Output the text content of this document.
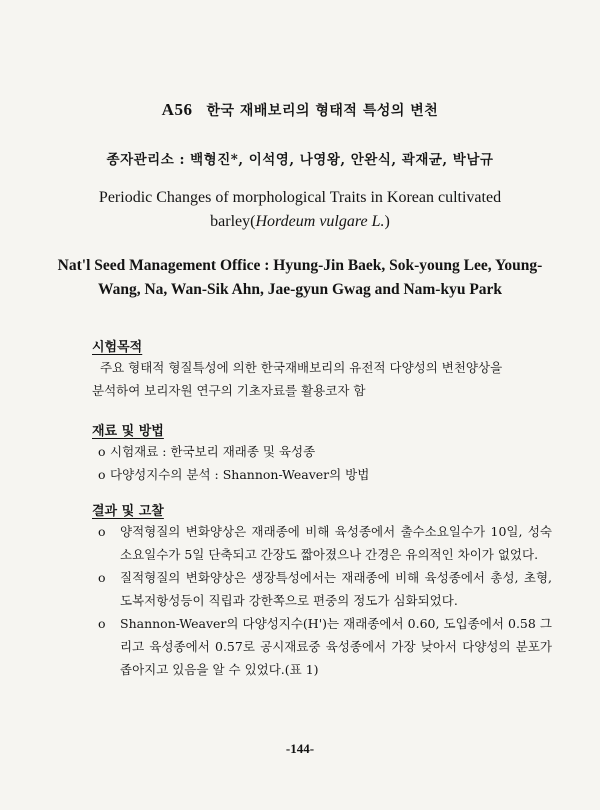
A56 한국 재배보리의 형태적 특성의 변천
종자관리소 : 백형진*, 이석영, 나영왕, 안완식, 곽재균, 박남규
Periodic Changes of morphological Traits in Korean cultivated
barley(Hordeum vulgare L.)
Nat'l Seed Management Office : Hyung-Jin Baek, Sok-young Lee, Young-Wang, Na, Wan-Sik Ahn, Jae-gyun Gwag and Nam-kyu Park

시험목적

주요 형태적 형질특성에 의한 한국재배보리의 유전적 다양성의 변천양상을
분석하여 보리자원 연구의 기초자료를 활용코자 함

재료 및 방법

o 시험재료 : 한국보리 재래종 및 육성종
o 다양성지수의 분석 : Shannon-Weaver의 방법

결과 및 고찰

o 양적형질의 변화양상은 재래종에 비해 육성종에서 출수소요일수가 10일, 성숙소요일수가 5일 단축되고 간장도 짧아졌으나 간경은 유의적인 차이가 없었다.
o 질적형질의 변화양상은 생장특성에서는 재래종에 비해 육성종에서 총성, 초형, 도복저항성등이 직립과 강한쪽으로 편중의 정도가 심화되었다.
o Shannon-Weaver의 다양성지수(H')는 재래종에서 0.60, 도입종에서 0.58 그리고 육성종에서 0.57로 공시재료중 육성종에서 가장 낮아서 다양성의 분포가 좁아지고 있음을 알 수 있었다.(표 1)
-144-
